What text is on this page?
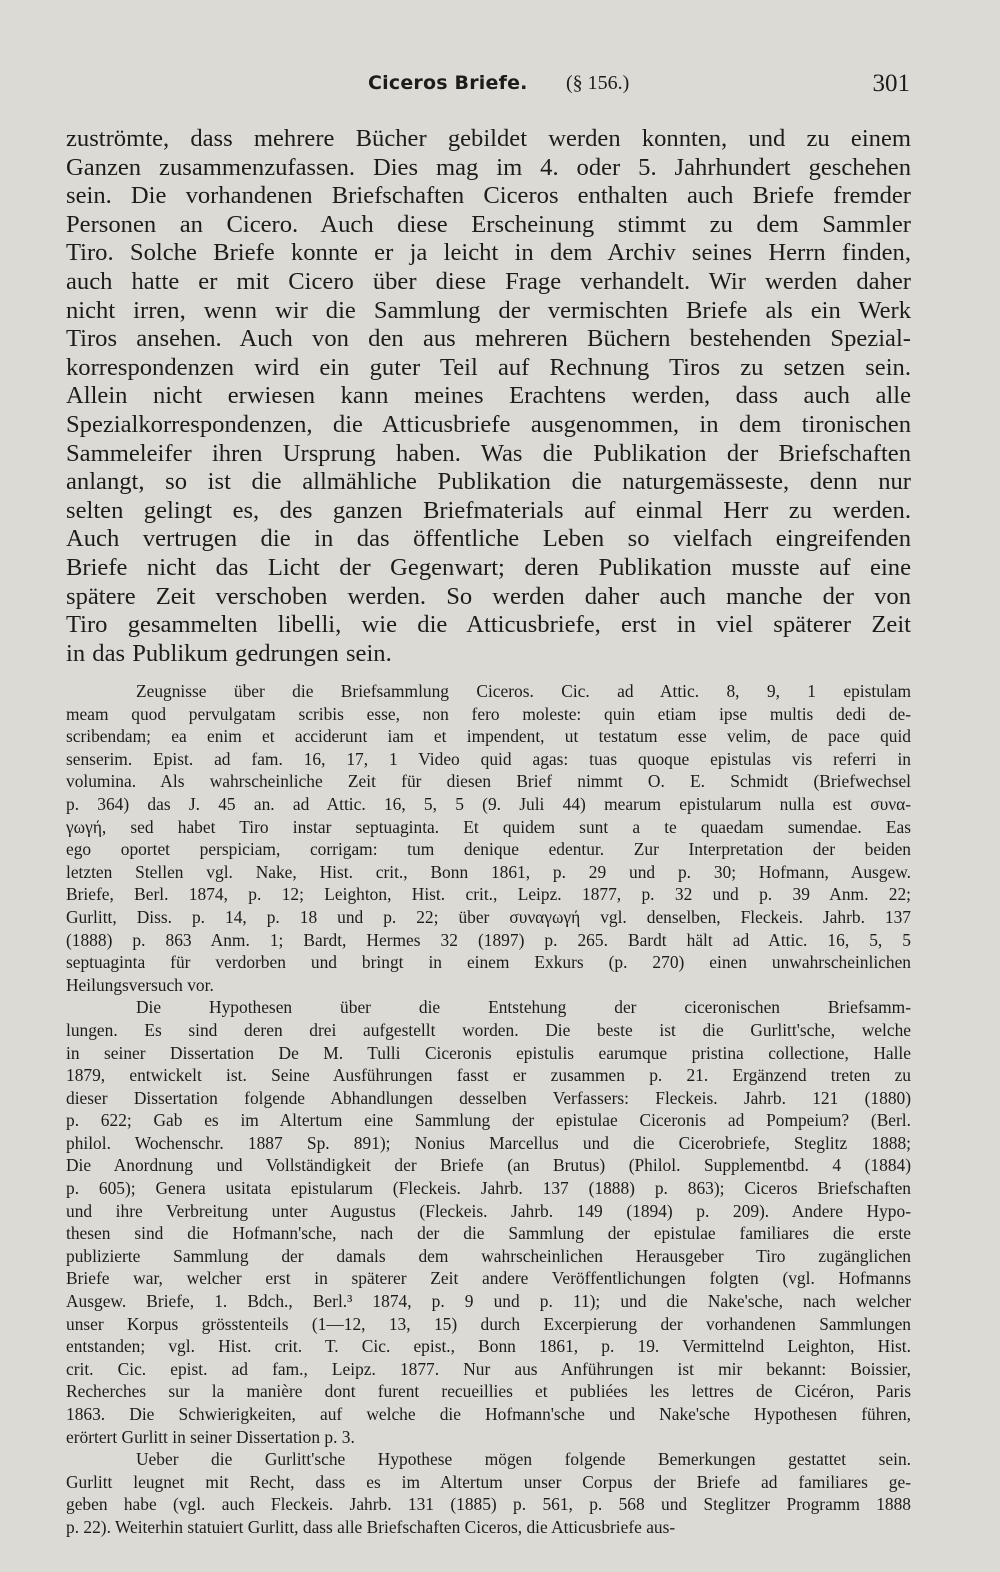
Ciceros Briefe. (§ 156.)	301
zuströmte, dass mehrere Bücher gebildet werden konnten, und zu einem
Ganzen zusammenzufassen. Dies mag im 4. oder 5. Jahrhundert geschehen
sein. Die vorhandenen Briefschaften Ciceros enthalten auch Briefe fremder
Personen an Cicero. Auch diese Erscheinung stimmt zu dem Sammler
Tiro. Solche Briefe konnte er ja leicht in dem Archiv seines Herrn finden,
auch hatte er mit Cicero über diese Frage verhandelt. Wir werden daher
nicht irren, wenn wir die Sammlung der vermischten Briefe als ein Werk
Tiros ansehen. Auch von den aus mehreren Büchern bestehenden Spezial-
korrespondenzen wird ein guter Teil auf Rechnung Tiros zu setzen sein.
Allein nicht erwiesen kann meines Erachtens werden, dass auch alle
Spezialkorrespondenzen, die Atticusbriefe ausgenommen, in dem tironischen
Sammeleifer ihren Ursprung haben. Was die Publikation der Briefschaften
anlangt, so ist die allmähliche Publikation die naturgemässeste, denn nur
selten gelingt es, des ganzen Briefmaterials auf einmal Herr zu werden.
Auch vertrugen die in das öffentliche Leben so vielfach eingreifenden
Briefe nicht das Licht der Gegenwart; deren Publikation musste auf eine
spätere Zeit verschoben werden. So werden daher auch manche der von
Tiro gesammelten libelli, wie die Atticusbriefe, erst in viel späterer Zeit
in das Publikum gedrungen sein.
Zeugnisse über die Briefsammlung Ciceros. Cic. ad Attic. 8, 9, 1 epistulam
meam quod pervulgatam scribis esse, non fero moleste: quin etiam ipse multis dedi de-
scribendam; ea enim et acciderunt iam et impendent, ut testatum esse velim, de pace quid
senserim. Epist. ad fam. 16, 17, 1 Video quid agas: tuas quoque epistulas vis referri in
volumina. Als wahrscheinliche Zeit für diesen Brief nimmt O. E. Schmidt (Briefwechsel
p. 364) das J. 45 an. ad Attic. 16, 5, 5 (9. Juli 44) mearum epistularum nulla est συνα-
γωγή, sed habet Tiro instar septuaginta. Et quidem sunt a te quaedam sumendae. Eas
ego oportet perspiciam, corrigam: tum denique edentur. Zur Interpretation der beiden
letzten Stellen vgl. Nake, Hist. crit., Bonn 1861, p. 29 und p. 30; Hofmann, Ausgew.
Briefe, Berl. 1874, p. 12; Leighton, Hist. crit., Leipz. 1877, p. 32 und p. 39 Anm. 22;
Gurlitt, Diss. p. 14, p. 18 und p. 22; über συναγωγή vgl. denselben, Fleckeis. Jahrb. 137
(1888) p. 863 Anm. 1; Bardt, Hermes 32 (1897) p. 265. Bardt hält ad Attic. 16, 5, 5
septuaginta für verdorben und bringt in einem Exkurs (p. 270) einen unwahrscheinlichen
Heilungsversuch vor.
Die Hypothesen über die Entstehung der ciceronischen Briefsamm-
lungen. Es sind deren drei aufgestellt worden. Die beste ist die Gurlitt'sche, welche
in seiner Dissertation De M. Tulli Ciceronis epistulis earumque pristina collectione, Halle
1879, entwickelt ist. Seine Ausführungen fasst er zusammen p. 21. Ergänzend treten zu
dieser Dissertation folgende Abhandlungen desselben Verfassers: Fleckeis. Jahrb. 121 (1880)
p. 622; Gab es im Altertum eine Sammlung der epistulae Ciceronis ad Pompeium? (Berl.
philol. Wochenschr. 1887 Sp. 891); Nonius Marcellus und die Cicerobriefe, Steglitz 1888;
Die Anordnung und Vollständigkeit der Briefe (an Brutus) (Philol. Supplementbd. 4 (1884)
p. 605); Genera usitata epistularum (Fleckeis. Jahrb. 137 (1888) p. 863); Ciceros Briefschaften
und ihre Verbreitung unter Augustus (Fleckeis. Jahrb. 149 (1894) p. 209). Andere Hypo-
thesen sind die Hofmann'sche, nach der die Sammlung der epistulae familiares die erste
publizierte Sammlung der damals dem wahrscheinlichen Herausgeber Tiro zugänglichen
Briefe war, welcher erst in späterer Zeit andere Veröffentlichungen folgten (vgl. Hofmanns
Ausgew. Briefe, 1. Bdch., Berl.³ 1874, p. 9 und p. 11); und die Nake'sche, nach welcher
unser Korpus grösstenteils (1—12, 13, 15) durch Excerpierung der vorhandenen Sammlungen
entstanden; vgl. Hist. crit. T. Cic. epist., Bonn 1861, p. 19. Vermittelnd Leighton, Hist.
crit. Cic. epist. ad fam., Leipz. 1877. Nur aus Anführungen ist mir bekannt: Boissier,
Recherches sur la manière dont furent recueillies et publiées les lettres de Cicéron, Paris
1863. Die Schwierigkeiten, auf welche die Hofmann'sche und Nake'sche Hypothesen führen,
erörtert Gurlitt in seiner Dissertation p. 3.
Ueber die Gurlitt'sche Hypothese mögen folgende Bemerkungen gestattet sein.
Gurlitt leugnet mit Recht, dass es im Altertum unser Corpus der Briefe ad familiares ge-
geben habe (vgl. auch Fleckeis. Jahrb. 131 (1885) p. 561, p. 568 und Steglitzer Programm 1888
p. 22). Weiterhin statuiert Gurlitt, dass alle Briefschaften Ciceros, die Atticusbriefe aus-
